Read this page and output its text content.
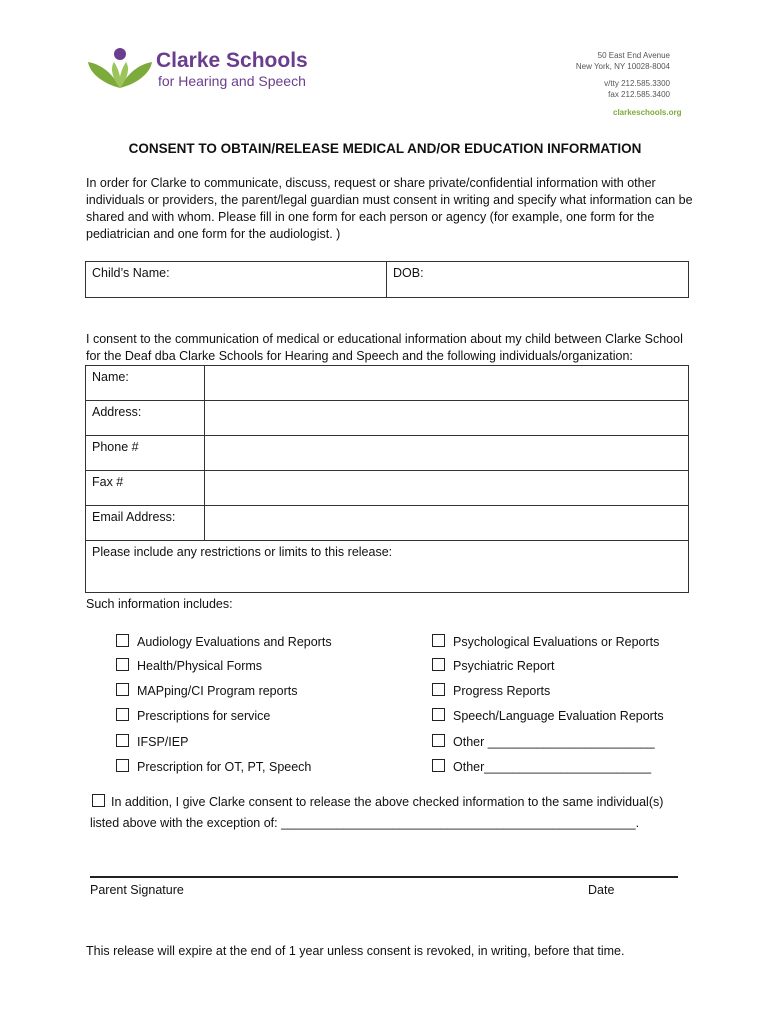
Clarke Schools
for Hearing and Speech
50 East End Avenue
New York, NY 10028-8004
v/tty 212.585.3300
fax 212.585.3400
clarkeschools.org
CONSENT TO OBTAIN/RELEASE MEDICAL AND/OR EDUCATION INFORMATION
In order for Clarke to communicate, discuss, request or share private/confidential information with other individuals or providers, the parent/legal guardian must consent in writing and specify what information can be shared and with whom. Please fill in one form for each person or agency (for example, one form for the pediatrician and one form for the audiologist. )
Child’s Name:	DOB:
I consent to the communication of medical or educational information about my child between Clarke School for the Deaf dba Clarke Schools for Hearing and Speech and the following individuals/organization:
Name:	
Address:	
Phone #	
Fax #	
Email Address:	
Please include any restrictions or limits to this release:	
Such information includes:
Audiology Evaluations and Reports
Health/Physical Forms
MAPping/CI Program reports
Prescriptions for service
IFSP/IEP
Prescription for OT, PT, Speech
Psychological Evaluations or Reports
Psychiatric Report
Progress Reports
Speech/Language Evaluation Reports
Other ________________________
Other________________________
In addition, I give Clarke consent to release the above checked information to the same individual(s)
listed above with the exception of: ___________________________________________________.
Parent Signature	Date
This release will expire at the end of 1 year unless consent is revoked, in writing, before that time.
